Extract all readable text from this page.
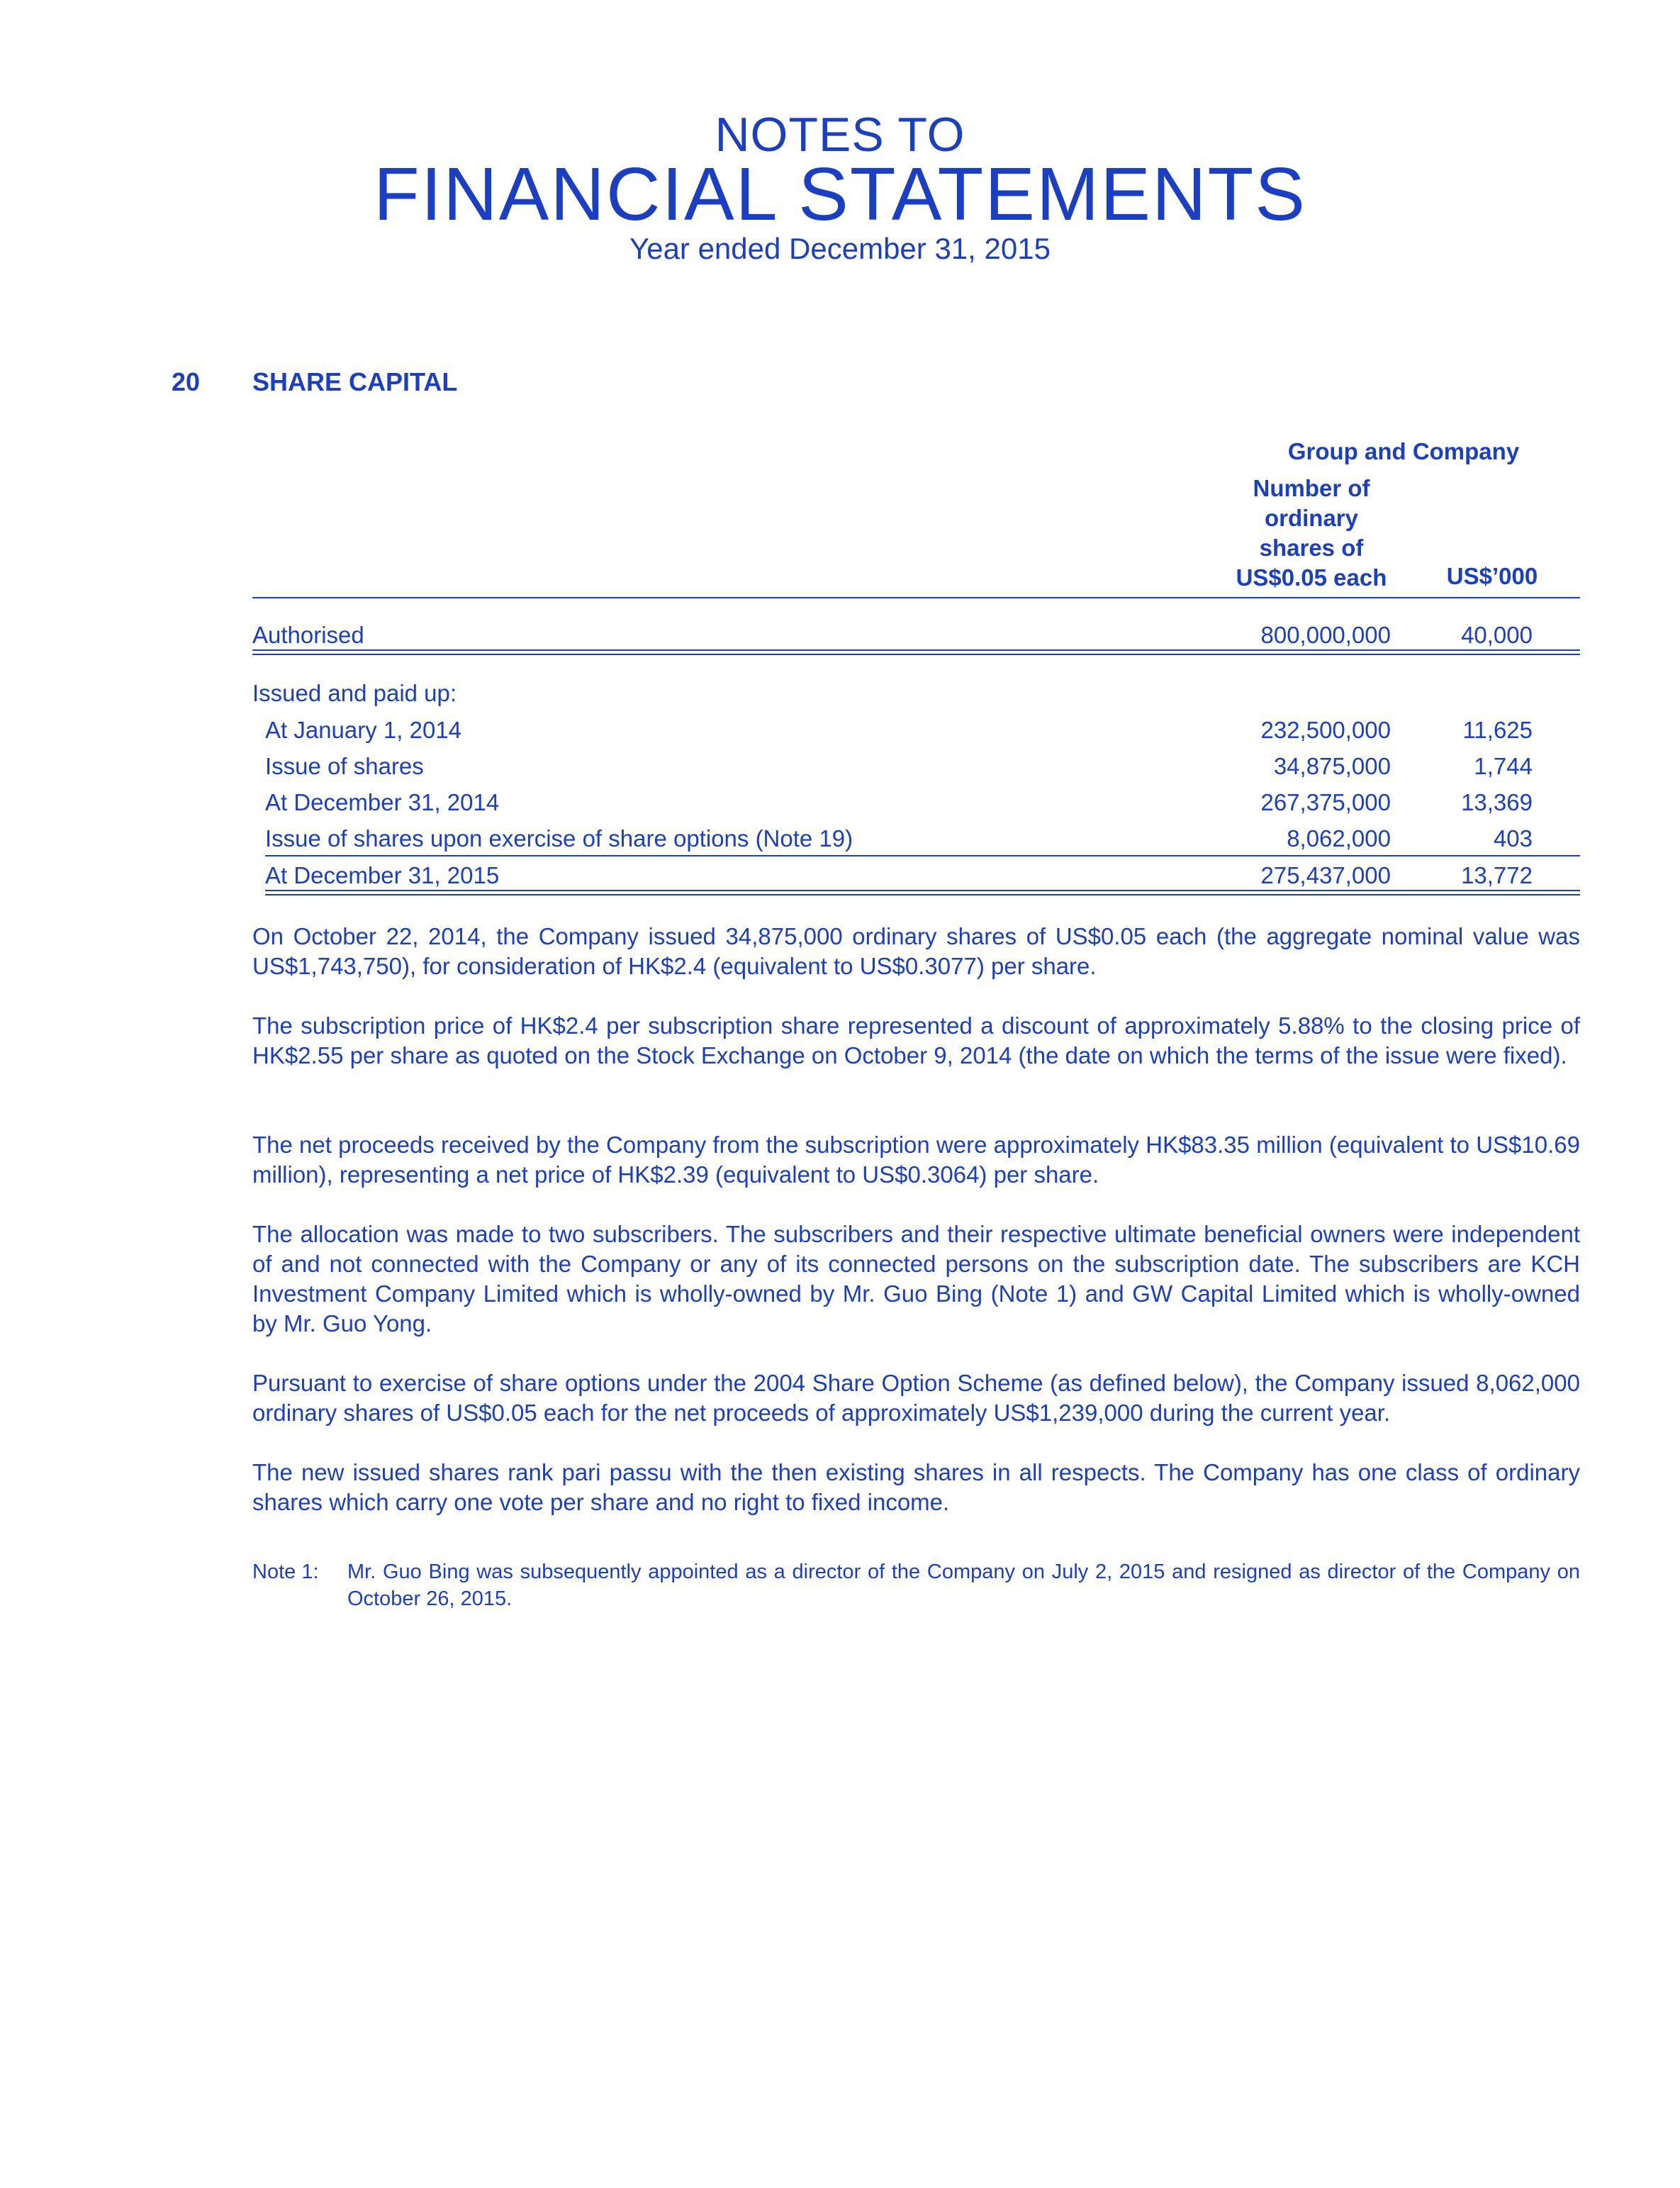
NOTES TO
FINANCIAL STATEMENTS
Year ended December 31, 2015
20 SHARE CAPITAL
Group and Company
Number of
ordinary
shares of
US$0.05 each	US$’000
Authorised	800,000,000	40,000
Issued and paid up:
At January 1, 2014	232,500,000	11,625
Issue of shares	34,875,000	1,744
At December 31, 2014	267,375,000	13,369
Issue of shares upon exercise of share options (Note 19)	8,062,000	403
At December 31, 2015	275,437,000	13,772
On October 22, 2014, the Company issued 34,875,000 ordinary shares of US$0.05 each (the aggregate nominal value was US$1,743,750), for consideration of HK$2.4 (equivalent to US$0.3077) per share.
The subscription price of HK$2.4 per subscription share represented a discount of approximately 5.88% to the closing price of HK$2.55 per share as quoted on the Stock Exchange on October 9, 2014 (the date on which the terms of the issue were fixed).
The net proceeds received by the Company from the subscription were approximately HK$83.35 million (equivalent to US$10.69 million), representing a net price of HK$2.39 (equivalent to US$0.3064) per share.
The allocation was made to two subscribers. The subscribers and their respective ultimate beneficial owners were independent of and not connected with the Company or any of its connected persons on the subscription date. The subscribers are KCH Investment Company Limited which is wholly-owned by Mr. Guo Bing (Note 1) and GW Capital Limited which is wholly-owned by Mr. Guo Yong.
Pursuant to exercise of share options under the 2004 Share Option Scheme (as defined below), the Company issued 8,062,000 ordinary shares of US$0.05 each for the net proceeds of approximately US$1,239,000 during the current year.
The new issued shares rank pari passu with the then existing shares in all respects. The Company has one class of ordinary shares which carry one vote per share and no right to fixed income.
Note 1: Mr. Guo Bing was subsequently appointed as a director of the Company on July 2, 2015 and resigned as director of the Company on October 26, 2015.
